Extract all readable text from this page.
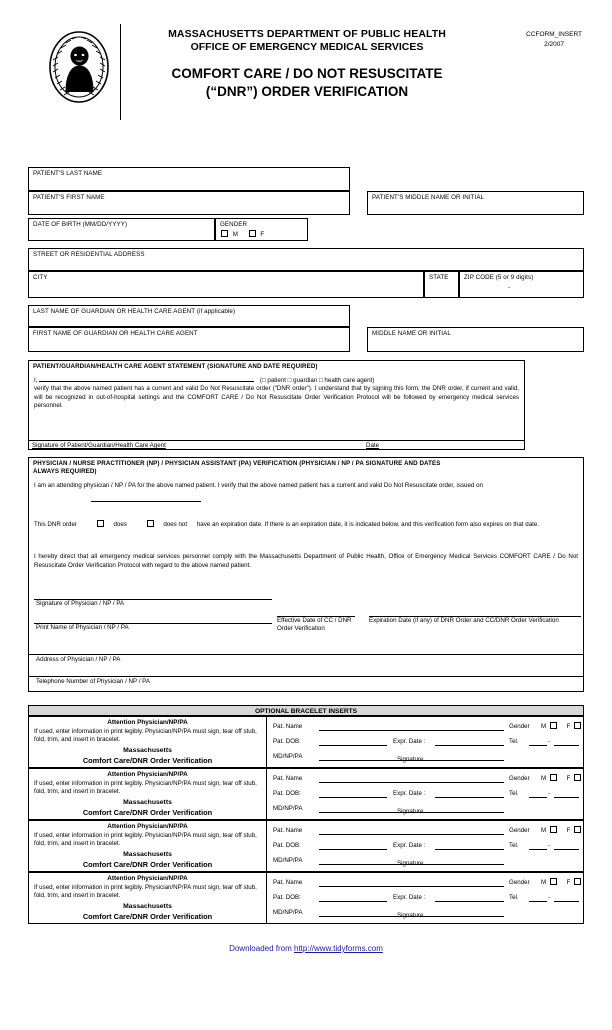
MASSACHUSETTS DEPARTMENT OF PUBLIC HEALTH
OFFICE OF EMERGENCY MEDICAL SERVICES
COMFORT CARE / DO NOT RESUSCITATE
(“DNR”) ORDER VERIFICATION
CCFORM_INSERT
2/2007
PATIENT'S LAST NAME
PATIENT'S FIRST NAME	PATIENT'S MIDDLE NAME OR INITIAL
DATE OF BIRTH (MM/DD/YYYY)	GENDER
M	F
STREET OR RESIDENTIAL ADDRESS
CITY	STATE	ZIP CODE (5 or 9 digits)
-
LAST NAME OF GUARDIAN OR HEALTH CARE AGENT (if applicable)
FIRST NAME OF GUARDIAN OR HEALTH CARE AGENT	MIDDLE NAME OR INITIAL
PATIENT/GUARDIAN/HEALTH CARE AGENT STATEMENT (SIGNATURE AND DATE REQUIRED)
I,	(□ patient □ guardian □ health care agent)
verify that the above named patient has a current and valid Do Not Resuscitate order (“DNR order”). I understand that by signing this form, the DNR order, if current and valid, will be recognized in out-of-hospital settings and the COMFORT CARE / Do Not Resuscitate Order Verification Protocol will be followed by emergency medical services personnel.
Signature of Patient/Guardian/Health Care Agent	Date
PHYSICIAN / NURSE PRACTITIONER (NP) / PHYSICIAN ASSISTANT (PA) VERIFICATION (PHYSICIAN / NP / PA SIGNATURE AND DATES
ALWAYS REQUIRED)
I am an attending physician / NP / PA for the above named patient. I verify that the above named patient has a current and valid Do Not Resuscitate order, issued on
This DNR order	does	does not have an expiration date. If there is an expiration date, it is indicated below, and this verification form also expires on that date.
I hereby direct that all emergency medical services personnel comply with the Massachusetts Department of Public Health, Office of Emergency Medical Services COMFORT CARE / Do Not Resuscitate Order Verification Protocol with regard to the above named patient.
Signature of Physician / NP / PA
Print Name of Physician / NP / PA
Effective Date of CC / DNR Order Verification
Expiration Date (if any) of DNR Order and CC/DNR Order Verification
Address of Physician / NP / PA
Telephone Number of Physician / NP / PA
OPTIONAL BRACELET INSERTS
Attention Physician/NP/PA
If used, enter information in print legibly. Physician/NP/PA must sign, tear off stub, fold, trim, and insert in bracelet.
Massachusetts
Comfort Care/DNR Order Verification
Pat. Name	Gender M	F
Pat. DOB:	Expr. Date :	Tel.	-
MD/NP/PA	Signature
Attention Physician/NP/PA
If used, enter information in print legibly. Physician/NP/PA must sign, tear off stub, fold, trim, and insert in bracelet.
Massachusetts
Comfort Care/DNR Order Verification
Pat. Name	Gender M	F
Pat. DOB:	Expr. Date :	Tel.	-
MD/NP/PA	Signature
Attention Physician/NP/PA
If used, enter information in print legibly. Physician/NP/PA must sign, tear off stub, fold, trim, and insert in bracelet.
Massachusetts
Comfort Care/DNR Order Verification
Pat. Name	Gender M	F
Pat. DOB:	Expr. Date :	Tel.	-
MD/NP/PA	Signature
Attention Physician/NP/PA
If used, enter information in print legibly. Physician/NP/PA must sign, tear off stub, fold, trim, and insert in bracelet.
Massachusetts
Comfort Care/DNR Order Verification
Pat. Name	Gender M	F
Pat. DOB:	Expr. Date :	Tel.	-
MD/NP/PA	Signature
Downloaded from http://www.tidyforms.com
